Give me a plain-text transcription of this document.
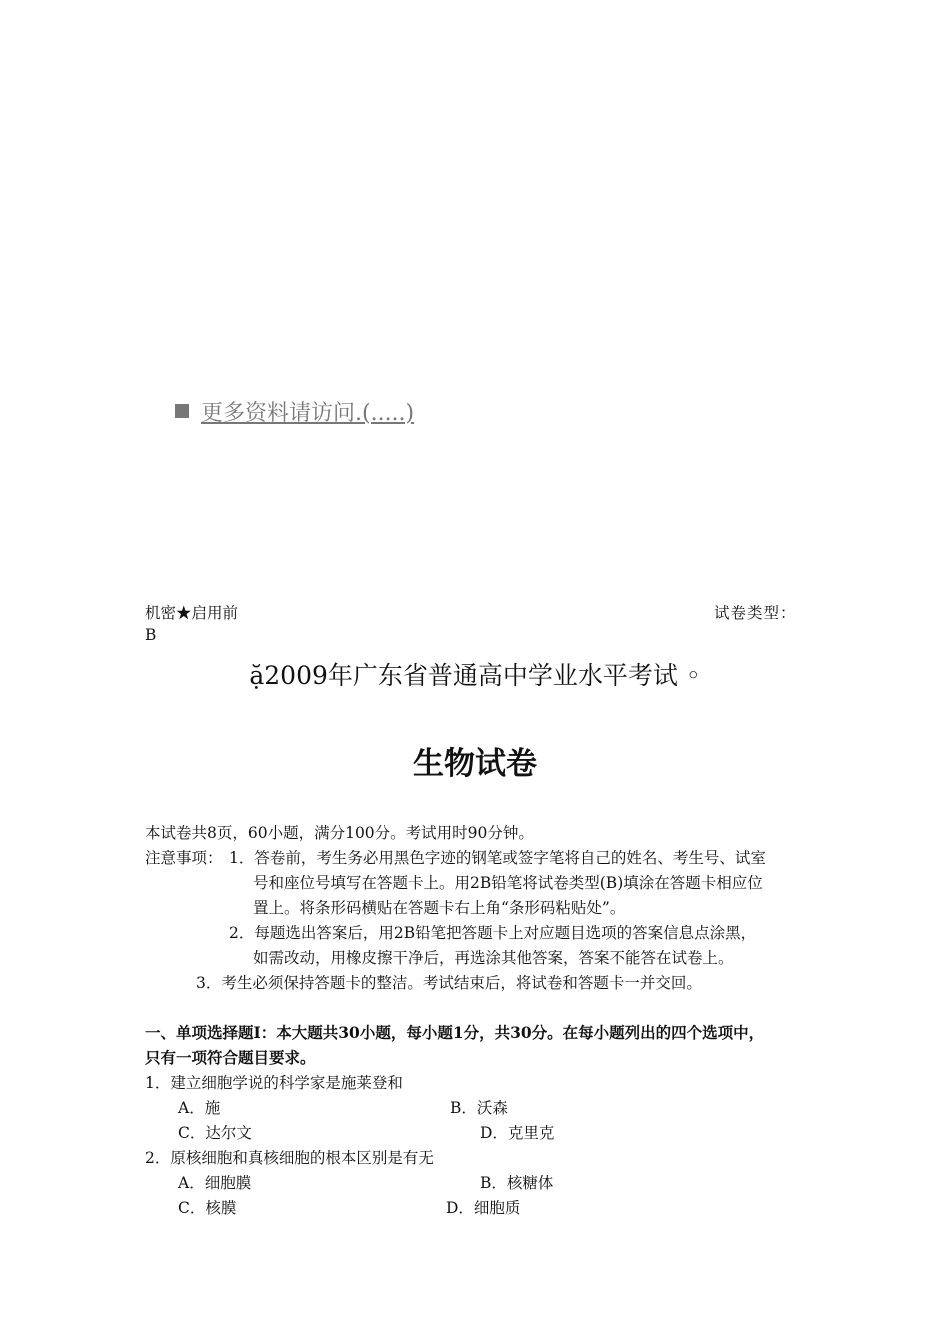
更多资料请访问.(.....)
机密★启用前	试卷类型：
B
ặ2009年广东省普通高中学业水平考试 ◦
生物试卷
本试卷共8页，60小题，满分100分。考试用时90分钟。
注意事项： 1．答卷前，考生务必用黑色字迹的钢笔或签字笔将自己的姓名、考生号、试室
号和座位号填写在答题卡上。用2B铅笔将试卷类型(B)填涂在答题卡相应位
置上。将条形码横贴在答题卡右上角“条形码粘贴处”。
2．每题选出答案后，用2B铅笔把答题卡上对应题目选项的答案信息点涂黑，
如需改动，用橡皮擦干净后，再选涂其他答案，答案不能答在试卷上。
3．考生必须保持答题卡的整洁。考试结束后，将试卷和答题卡一并交回。
一、单项选择题Ⅰ：本大题共30小题，每小题1分，共30分。在每小题列出的四个选项中，
只有一项符合题目要求。
1．建立细胞学说的科学家是施莱登和
A．施	B．沃森
C．达尔文	D．克里克
2．原核细胞和真核细胞的根本区别是有无
A．细胞膜	B．核糖体
C．核膜	D．细胞质
